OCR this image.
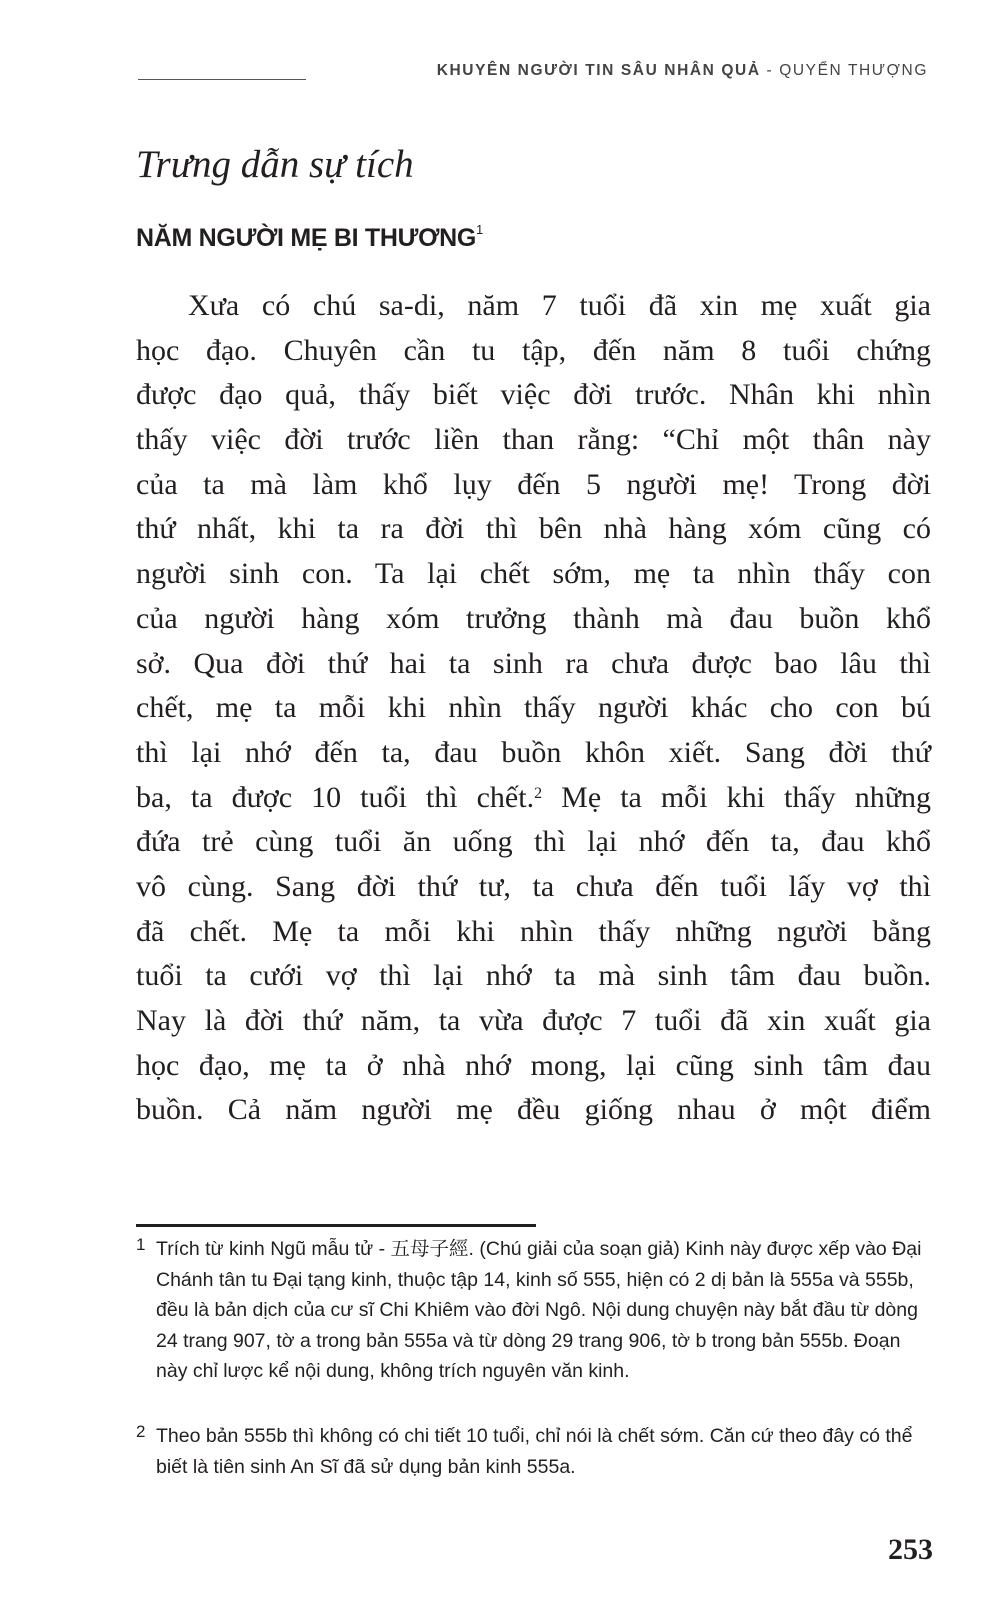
KHUYÊN NGƯỜI TIN SÂU NHÂN QUẢ - QUYỂN THƯỢNG
Trưng dẫn sự tích
NĂM NGƯỜI MẸ BI THƯƠNG$^1$
Xưa có chú sa-di, năm 7 tuổi đã xin mẹ xuất gia
học đạo. Chuyên cần tu tập, đến năm 8 tuổi chứng
được đạo quả, thấy biết việc đời trước. Nhân khi nhìn
thấy việc đời trước liền than rằng: “Chỉ một thân này
của ta mà làm khổ lụy đến 5 người mẹ! Trong đời
thứ nhất, khi ta ra đời thì bên nhà hàng xóm cũng có
người sinh con. Ta lại chết sớm, mẹ ta nhìn thấy con
của người hàng xóm trưởng thành mà đau buồn khổ
sở. Qua đời thứ hai ta sinh ra chưa được bao lâu thì
chết, mẹ ta mỗi khi nhìn thấy người khác cho con bú
thì lại nhớ đến ta, đau buồn khôn xiết. Sang đời thứ
ba, ta được 10 tuổi thì chết.$^2$ Mẹ ta mỗi khi thấy những
đứa trẻ cùng tuổi ăn uống thì lại nhớ đến ta, đau khổ
vô cùng. Sang đời thứ tư, ta chưa đến tuổi lấy vợ thì
đã chết. Mẹ ta mỗi khi nhìn thấy những người bằng
tuổi ta cưới vợ thì lại nhớ ta mà sinh tâm đau buồn.
Nay là đời thứ năm, ta vừa được 7 tuổi đã xin xuất gia
học đạo, mẹ ta ở nhà nhớ mong, lại cũng sinh tâm đau
buồn. Cả năm người mẹ đều giống nhau ở một điểm
1 Trích từ kinh Ngũ mẫu tử - 五母子經. (Chú giải của soạn giả) Kinh này được xếp vào Đại Chánh tân tu Đại tạng kinh, thuộc tập 14, kinh số 555, hiện có 2 dị bản là 555a và 555b, đều là bản dịch của cư sĩ Chi Khiêm vào đời Ngô. Nội dung chuyện này bắt đầu từ dòng 24 trang 907, tờ a trong bản 555a và từ dòng 29 trang 906, tờ b trong bản 555b. Đoạn này chỉ lược kể nội dung, không trích nguyên văn kinh.
2 Theo bản 555b thì không có chi tiết 10 tuổi, chỉ nói là chết sớm. Căn cứ theo đây có thể biết là tiên sinh An Sĩ đã sử dụng bản kinh 555a.
253
